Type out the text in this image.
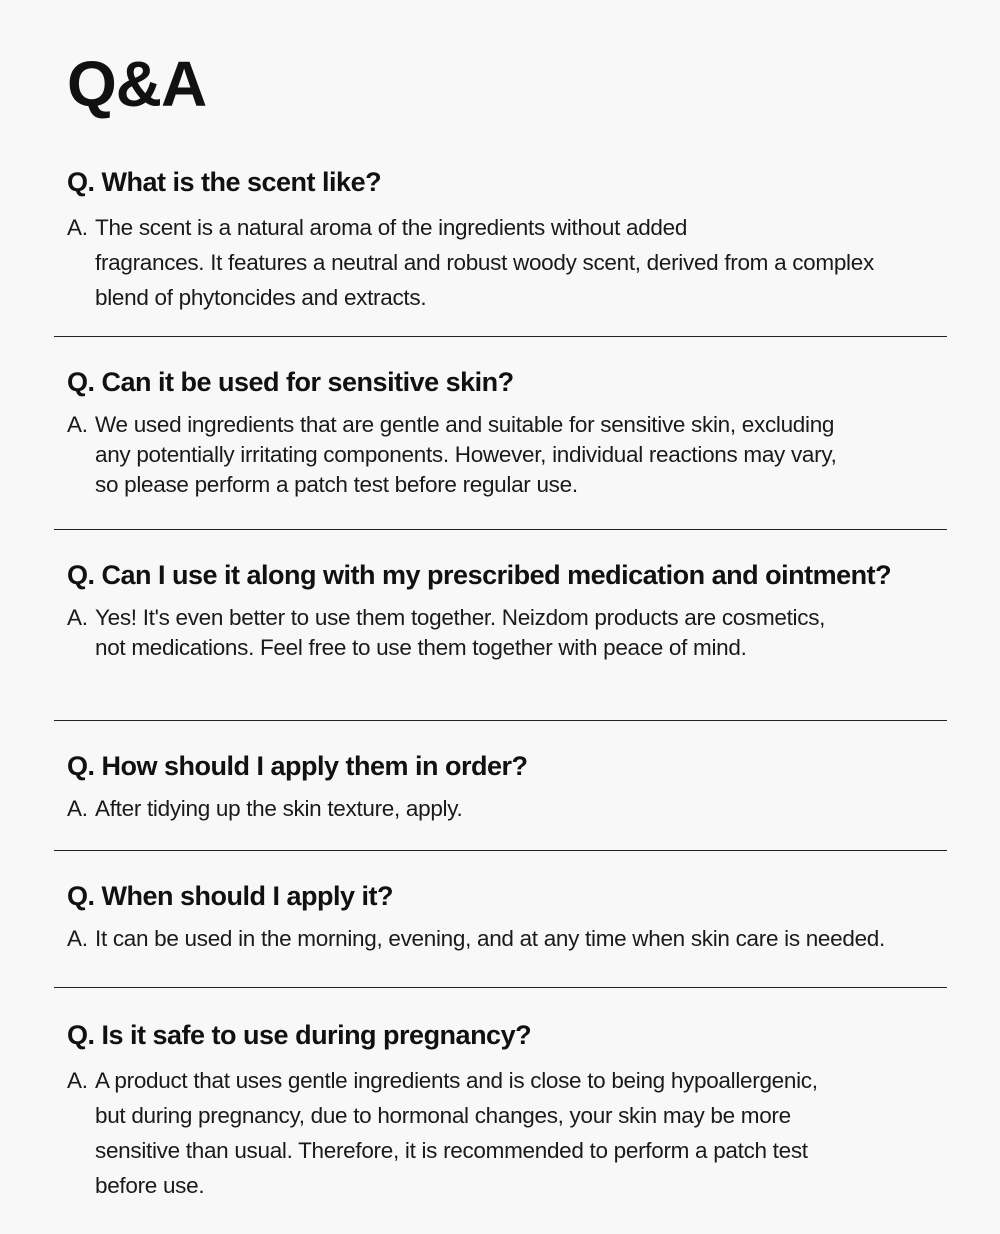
Q&A
Q. What is the scent like?
A. The scent is a natural aroma of the ingredients without added
fragrances. It features a neutral and robust woody scent, derived from a complex
blend of phytoncides and extracts.
Q. Can it be used for sensitive skin?
A. We used ingredients that are gentle and suitable for sensitive skin, excluding
any potentially irritating components. However, individual reactions may vary,
so please perform a patch test before regular use.
Q. Can I use it along with my prescribed medication and ointment?
A. Yes! It's even better to use them together. Neizdom products are cosmetics,
not medications. Feel free to use them together with peace of mind.
Q. How should I apply them in order?
A. After tidying up the skin texture, apply.
Q. When should I apply it?
A. It can be used in the morning, evening, and at any time when skin care is needed.
Q. Is it safe to use during pregnancy?
A. A product that uses gentle ingredients and is close to being hypoallergenic,
but during pregnancy, due to hormonal changes, your skin may be more
sensitive than usual. Therefore, it is recommended to perform a patch test
before use.
